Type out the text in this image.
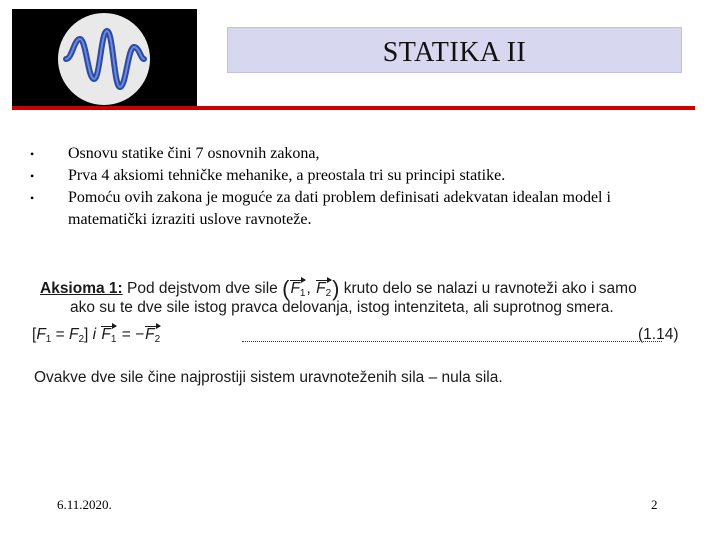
STATIKA II
•	Osnovu statike čini 7 osnovnih zakona,
•	Prva 4 aksiomi tehničke mehanike, a preostala tri su principi statike.
•	Pomoću ovih zakona je moguće za dati problem definisati adekvatan idealan model i matematički izraziti uslove ravnoteže.
Aksioma 1: Pod dejstvom dve sile ($F_1$, $F_2$) kruto delo se nalazi u ravnoteži ako i samo
ako su te dve sile istog pravca delovanja, istog intenziteta, ali suprotnog smera.
$[F_1 = F_2]$ i $F_1 = -F_2$	(1.14)
Ovakve dve sile čine najprostiji sistem uravnoteženih sila – nula sila.
6.11.2020.	2
